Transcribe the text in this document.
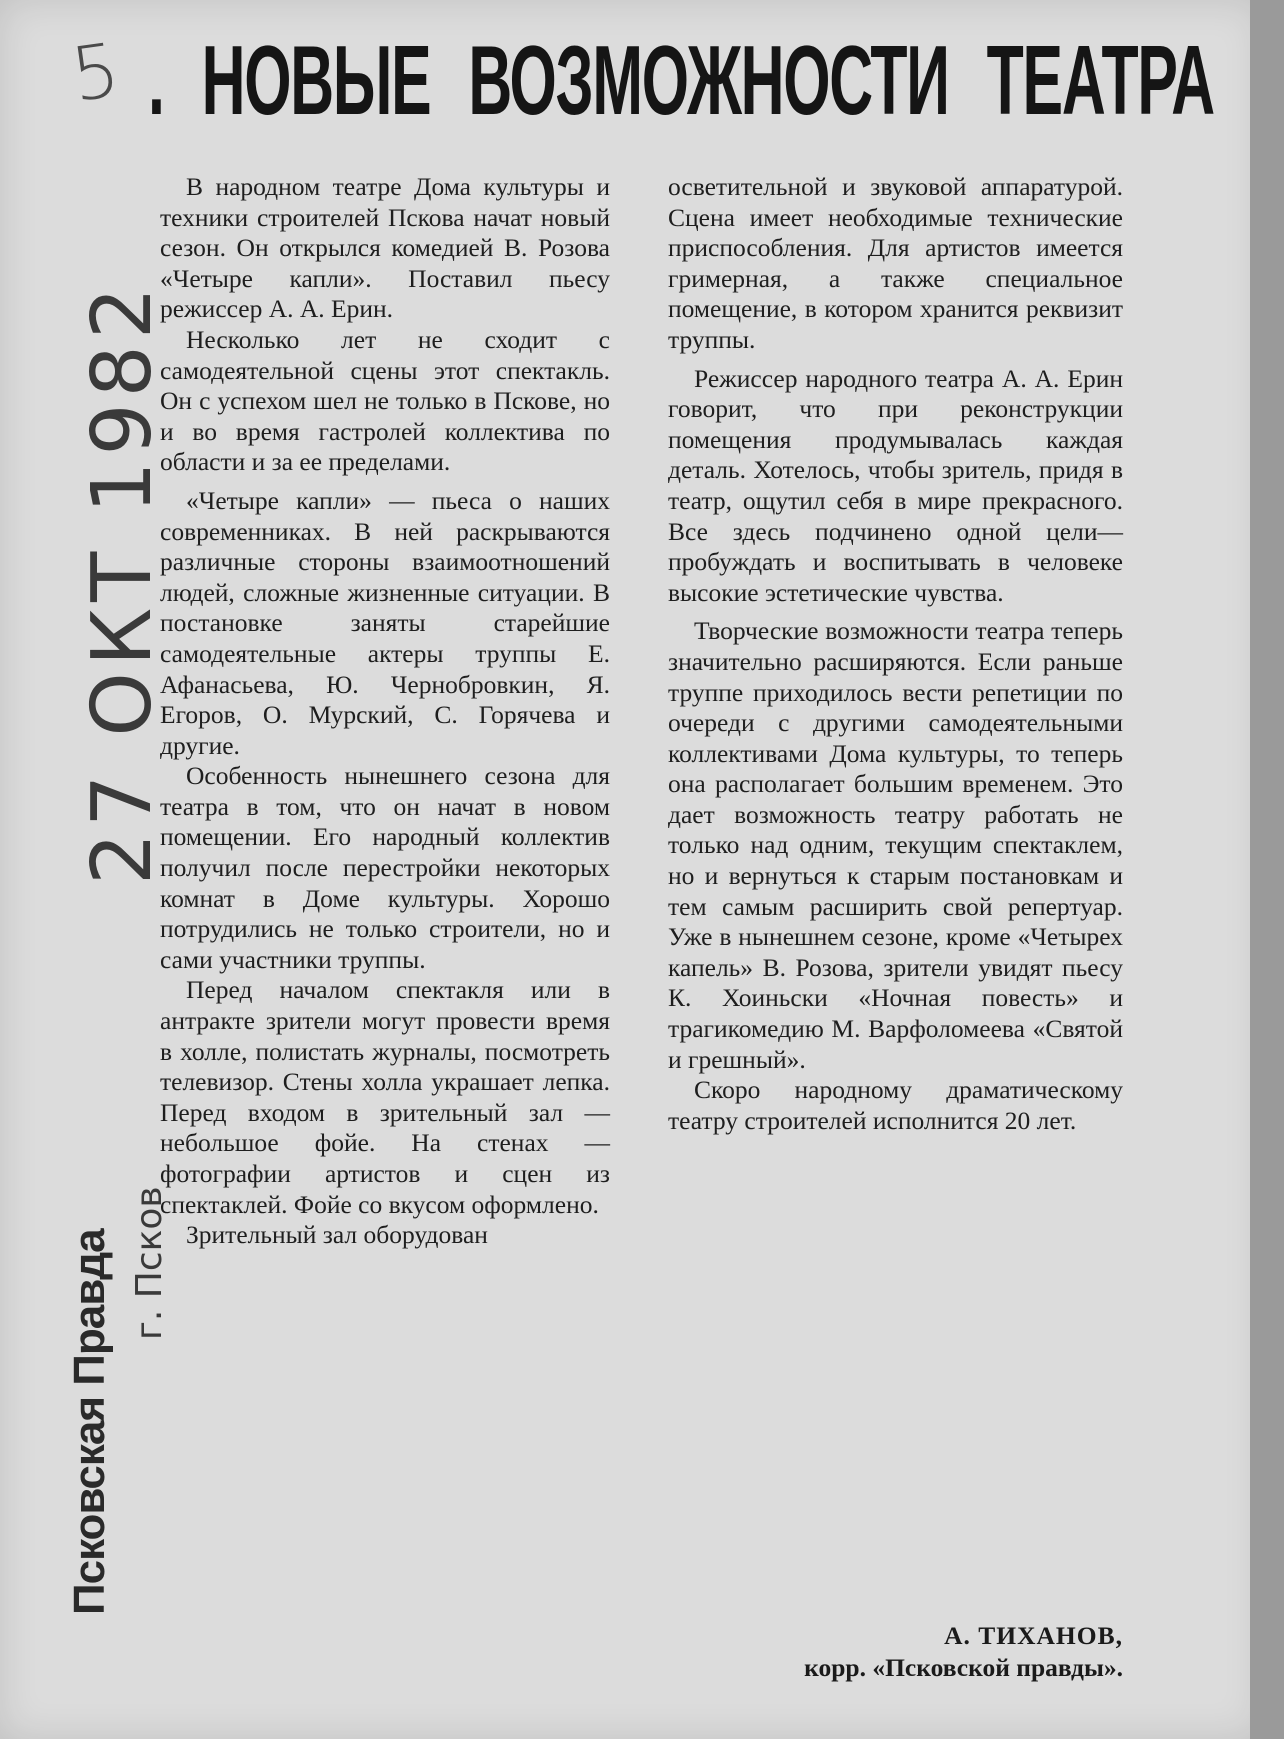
5 . НОВЫЕ ВОЗМОЖНОСТИ ТЕАТРА
27 ОКТ 1982
Псковская Правда г. Псков

В народном театре Дома культуры и техники строителей Пскова начат новый сезон. Он открылся комедией В. Розова «Четыре капли». Поставил пьесу режиссер А. А. Ерин.

Несколько лет не сходит с самодеятельной сцены этот спектакль. Он с успехом шел не только в Пскове, но и во время гастролей коллектива по области и за ее пределами.

«Четыре капли» — пьеса о наших современниках. В ней раскрываются различные стороны взаимоотношений людей, сложные жизненные ситуации. В постановке заняты старейшие самодеятельные актеры труппы Е. Афанасьева, Ю. Чернобровкин, Я. Егоров, О. Мурский, С. Горячева и другие.

Особенность нынешнего сезона для театра в том, что он начат в новом помещении. Его народный коллектив получил после перестройки некоторых комнат в Доме культуры. Хорошо потрудились не только строители, но и сами участники труппы.

Перед началом спектакля или в антракте зрители могут провести время в холле, полистать журналы, посмотреть телевизор. Стены холла украшает лепка. Перед входом в зрительный зал — небольшое фойе. На стенах — фотографии артистов и сцен из спектаклей. Фойе со вкусом оформлено.

Зрительный зал оборудован

осветительной и звуковой аппаратурой. Сцена имеет необходимые технические приспособления. Для артистов имеется гримерная, а также специальное помещение, в котором хранится реквизит труппы.

Режиссер народного театра А. А. Ерин говорит, что при реконструкции помещения продумывалась каждая деталь. Хотелось, чтобы зритель, придя в театр, ощутил себя в мире прекрасного. Все здесь подчинено одной цели—пробуждать и воспитывать в человеке высокие эстетические чувства.

Творческие возможности театра теперь значительно расширяются. Если раньше труппе приходилось вести репетиции по очереди с другими самодеятельными коллективами Дома культуры, то теперь она располагает большим временем. Это дает возможность театру работать не только над одним, текущим спектаклем, но и вернуться к старым постановкам и тем самым расширить свой репертуар. Уже в нынешнем сезоне, кроме «Четырех капель» В. Розова, зрители увидят пьесу К. Хоиньски «Ночная повесть» и трагикомедию М. Варфоломеева «Святой и грешный».

Скоро народному драматическому театру строителей исполнится 20 лет.

А. ТИХАНОВ,
корр. «Псковской правды».
